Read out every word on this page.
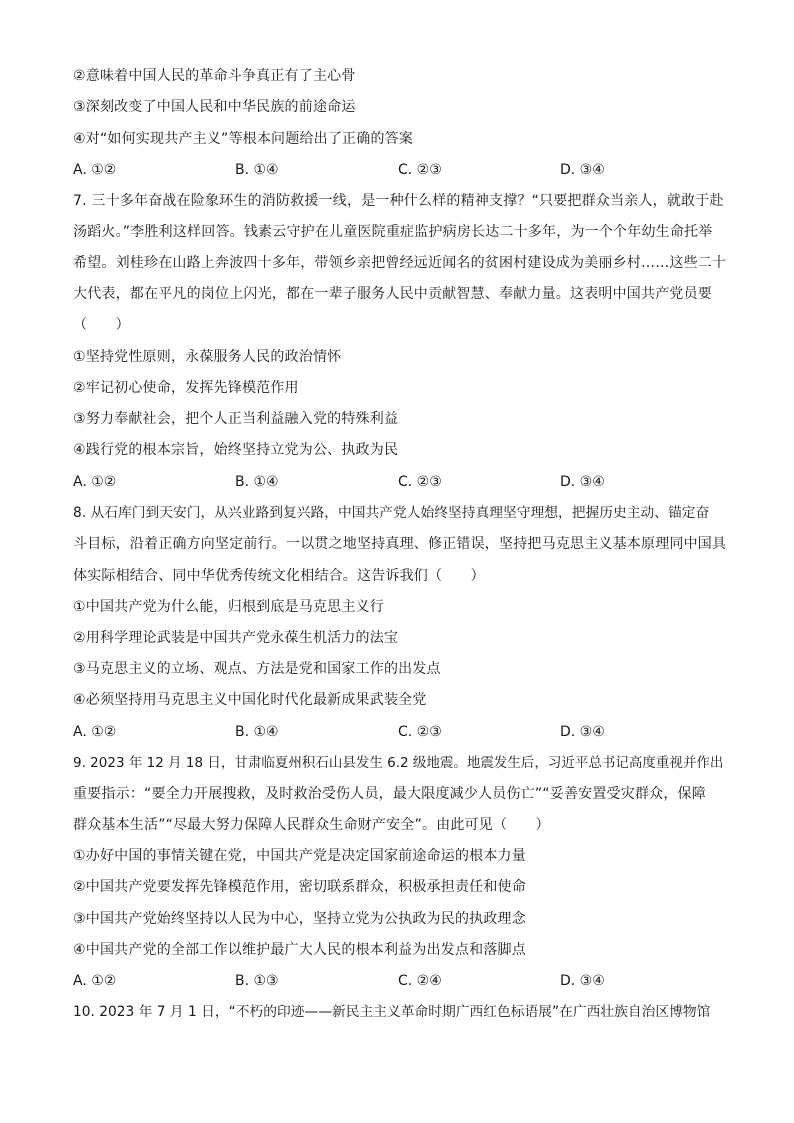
②意味着中国人民的革命斗争真正有了主心骨
③深刻改变了中国人民和中华民族的前途命运
④对“如何实现共产主义”等根本问题给出了正确的答案
A. ①②	B. ①④	C. ②③	D. ③④
7. 三十多年奋战在险象环生的消防救援一线，是一种什么样的精神支撑？“只要把群众当亲人，就敢于赴
汤蹈火。”李胜利这样回答。钱素云守护在儿童医院重症监护病房长达二十多年，为一个个年幼生命托举
希望。刘桂珍在山路上奔波四十多年，带领乡亲把曾经远近闻名的贫困村建设成为美丽乡村……这些二十
大代表，都在平凡的岗位上闪光，都在一辈子服务人民中贡献智慧、奉献力量。这表明中国共产党员要
（　　）
①坚持党性原则，永葆服务人民的政治情怀
②牢记初心使命，发挥先锋模范作用
③努力奉献社会，把个人正当利益融入党的特殊利益
④践行党的根本宗旨，始终坚持立党为公、执政为民
A. ①②	B. ①④	C. ②③	D. ③④
8. 从石库门到天安门，从兴业路到复兴路，中国共产党人始终坚持真理坚守理想，把握历史主动、锚定奋
斗目标，沿着正确方向坚定前行。一以贯之地坚持真理、修正错误，坚持把马克思主义基本原理同中国具
体实际相结合、同中华优秀传统文化相结合。这告诉我们（　　）
①中国共产党为什么能，归根到底是马克思主义行
②用科学理论武装是中国共产党永葆生机活力的法宝
③马克思主义的立场、观点、方法是党和国家工作的出发点
④必须坚持用马克思主义中国化时代化最新成果武装全党
A. ①②	B. ①④	C. ②③	D. ③④
9. 2023 年 12 月 18 日，甘肃临夏州积石山县发生 6.2 级地震。地震发生后，习近平总书记高度重视并作出
重要指示：“要全力开展搜救，及时救治受伤人员，最大限度减少人员伤亡”“妥善安置受灾群众，保障
群众基本生活”“尽最大努力保障人民群众生命财产安全”。由此可见（　　）
①办好中国的事情关键在党，中国共产党是决定国家前途命运的根本力量
②中国共产党要发挥先锋模范作用，密切联系群众，积极承担责任和使命
③中国共产党始终坚持以人民为中心，坚持立党为公执政为民的执政理念
④中国共产党的全部工作以维护最广大人民的根本利益为出发点和落脚点
A. ①②	B. ①③	C. ②④	D. ③④
10. 2023 年 7 月 1 日，“不朽的印迹——新民主主义革命时期广西红色标语展”在广西壮族自治区博物馆
